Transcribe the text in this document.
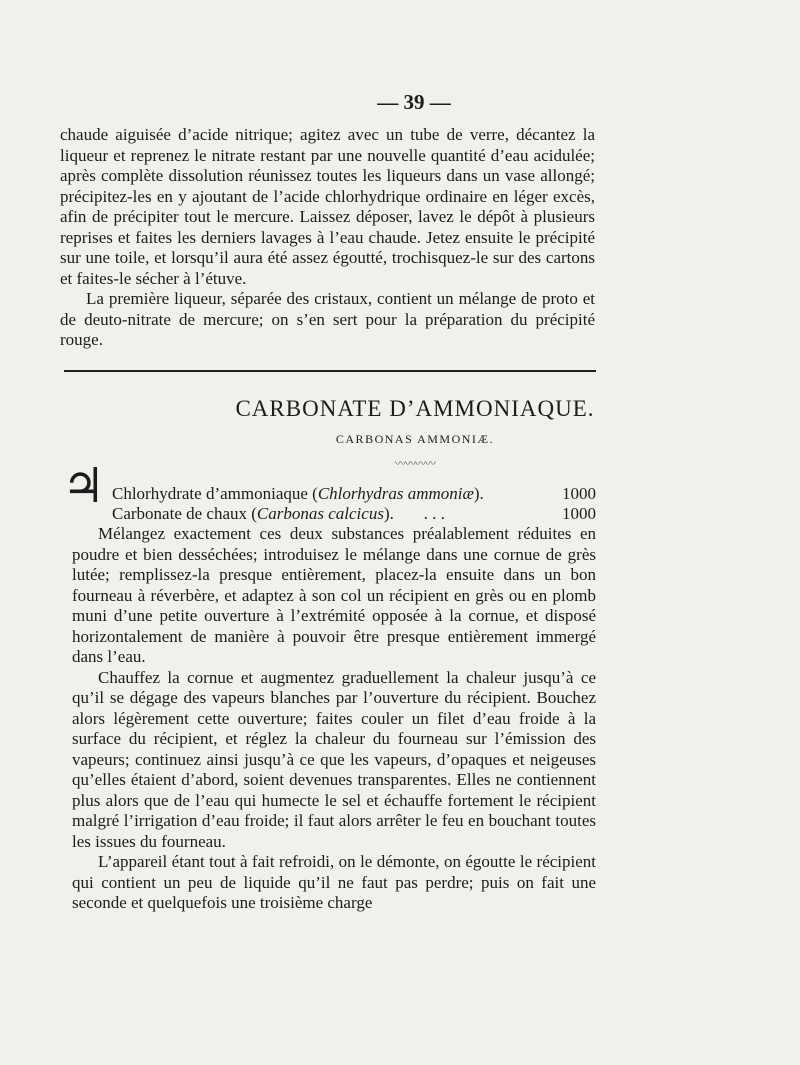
— 39 —

chaude aiguisée d’acide nitrique; agitez avec un tube de verre, décantez la liqueur et reprenez le nitrate restant par une nouvelle quantité d’eau acidulée; après complète dissolution réunissez toutes les liqueurs dans un vase allongé; précipitez-les en y ajoutant de l’acide chlorhydrique ordinaire en léger excès, afin de précipiter tout le mercure. Laissez déposer, lavez le dépôt à plusieurs reprises et faites les derniers lavages à l’eau chaude. Jetez ensuite le précipité sur une toile, et lorsqu’il aura été assez égoutté, trochisquez-le sur des cartons et faites-le sécher à l’étuve.

La première liqueur, séparée des cristaux, contient un mélange de proto et de deuto-nitrate de mercure; on s’en sert pour la préparation du précipité rouge.

CARBONATE D’AMMONIAQUE.
CARBONAS AMMONIÆ.
〰〰〰〰
♃ Chlorhydrate d’ammoniaque (Chlorhydras ammoniæ).	1000
Carbonate de chaux (Carbonas calcicus). . . .	1000

Mélangez exactement ces deux substances préalablement réduites en poudre et bien desséchées; introduisez le mélange dans une cornue de grès lutée; remplissez-la presque entièrement, placez-la ensuite dans un bon fourneau à réverbère, et adaptez à son col un récipient en grès ou en plomb muni d’une petite ouverture à l’extrémité opposée à la cornue, et disposé horizontalement de manière à pouvoir être presque entièrement immergé dans l’eau.

Chauffez la cornue et augmentez graduellement la chaleur jusqu’à ce qu’il se dégage des vapeurs blanches par l’ouverture du récipient. Bouchez alors légèrement cette ouverture; faites couler un filet d’eau froide à la surface du récipient, et réglez la chaleur du fourneau sur l’émission des vapeurs; continuez ainsi jusqu’à ce que les vapeurs, d’opaques et neigeuses qu’elles étaient d’abord, soient devenues transparentes. Elles ne contiennent plus alors que de l’eau qui humecte le sel et échauffe fortement le récipient malgré l’irrigation d’eau froide; il faut alors arrêter le feu en bouchant toutes les issues du fourneau.

L’appareil étant tout à fait refroidi, on le démonte, on égoutte le récipient qui contient un peu de liquide qu’il ne faut pas perdre; puis on fait une seconde et quelquefois une troisième charge
